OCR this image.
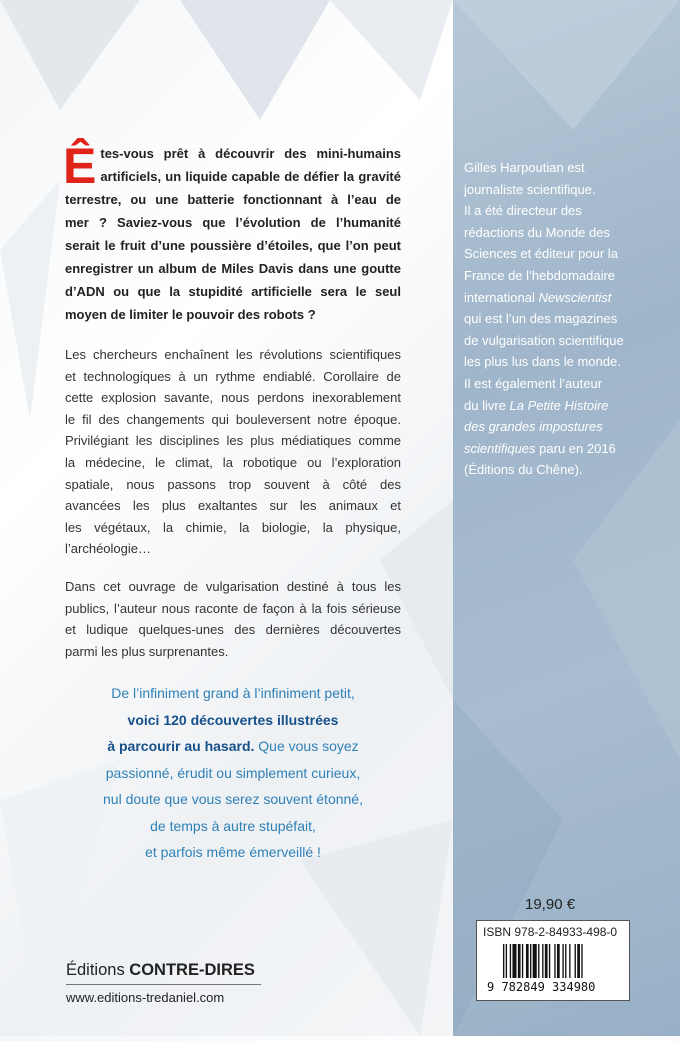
Ê tes-vous prêt à découvrir des mini-humains
artificiels, un liquide capable de défier la gravité
terrestre, ou une batterie fonctionnant à l’eau de
mer ? Saviez-vous que l’évolution de l’humanité
serait le fruit d’une poussière d’étoiles, que l’on peut
enregistrer un album de Miles Davis dans une goutte
d’ADN ou que la stupidité artificielle sera le seul
moyen de limiter le pouvoir des robots ?
Les chercheurs enchaînent les révolutions scientifiques
et technologiques à un rythme endiablé. Corollaire de
cette explosion savante, nous perdons inexorablement
le fil des changements qui bouleversent notre époque.
Privilégiant les disciplines les plus médiatiques comme
la médecine, le climat, la robotique ou l’exploration
spatiale, nous passons trop souvent à côté des
avancées les plus exaltantes sur les animaux et
les végétaux, la chimie, la biologie, la physique,
l’archéologie…
Dans cet ouvrage de vulgarisation destiné à tous les
publics, l’auteur nous raconte de façon à la fois sérieuse
et ludique quelques-unes des dernières découvertes
parmi les plus surprenantes.
De l’infiniment grand à l’infiniment petit,
voici 120 découvertes illustrées
à parcourir au hasard. Que vous soyez
passionné, érudit ou simplement curieux,
nul doute que vous serez souvent étonné,
de temps à autre stupéfait,
et parfois même émerveillé !
Gilles Harpoutian est
journaliste scientifique.
Il a été directeur des
rédactions du Monde des
Sciences et éditeur pour la
France de l’hebdomadaire
international Newscientist
qui est l’un des magazines
de vulgarisation scientifique
les plus lus dans le monde.
Il est également l’auteur
du livre La Petite Histoire
des grandes impostures
scientifiques paru en 2016
(Éditions du Chêne).
19,90 €
ISBN 978-2-84933-498-0
9 782849 334980
Éditions CONTRE-DIRES
www.editions-tredaniel.com
